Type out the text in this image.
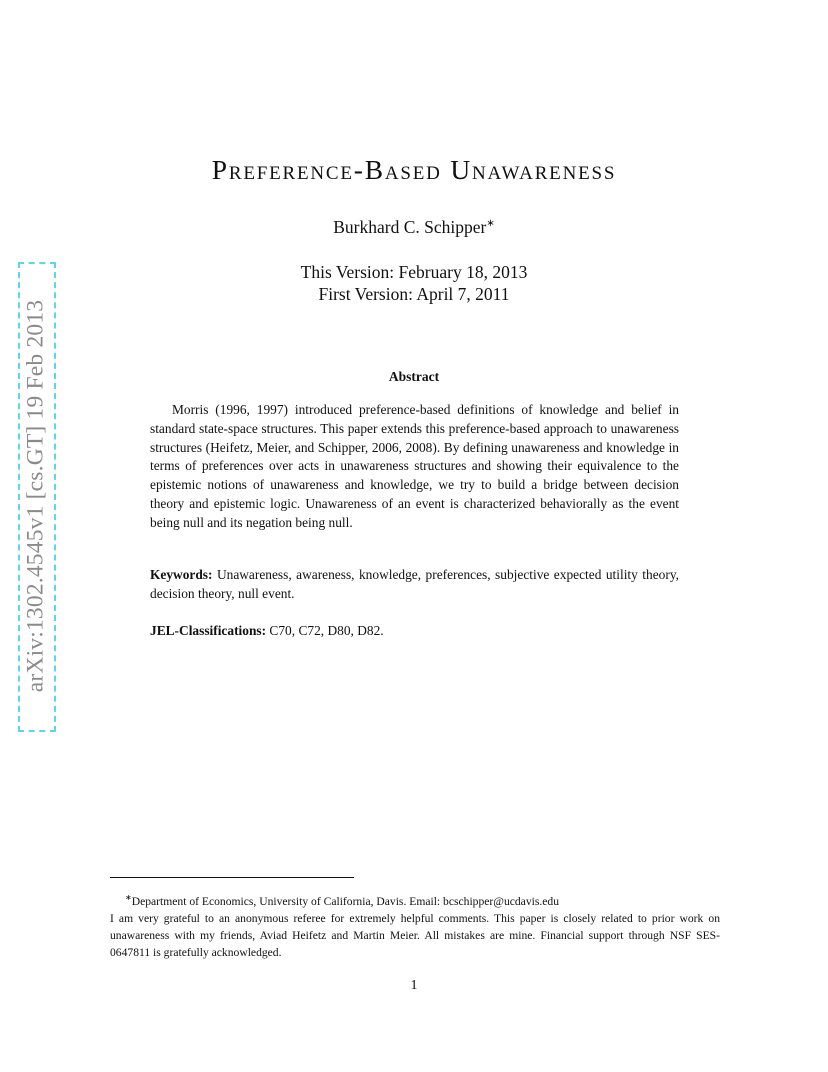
arXiv:1302.4545v1 [cs.GT] 19 Feb 2013
Preference-Based Unawareness
Burkhard C. Schipper∗
This Version: February 18, 2013
First Version: April 7, 2011
Abstract
Morris (1996, 1997) introduced preference-based definitions of knowledge and belief in standard state-space structures. This paper extends this preference-based approach to unawareness structures (Heifetz, Meier, and Schipper, 2006, 2008). By defining unawareness and knowledge in terms of preferences over acts in unawareness structures and showing their equivalence to the epistemic notions of unawareness and knowledge, we try to build a bridge between decision theory and epistemic logic. Unawareness of an event is characterized behaviorally as the event being null and its negation being null.
Keywords: Unawareness, awareness, knowledge, preferences, subjective expected utility theory, decision theory, null event.
JEL-Classifications: C70, C72, D80, D82.
∗Department of Economics, University of California, Davis. Email: bcschipper@ucdavis.edu
I am very grateful to an anonymous referee for extremely helpful comments. This paper is closely related to prior work on unawareness with my friends, Aviad Heifetz and Martin Meier. All mistakes are mine. Financial support through NSF SES-0647811 is gratefully acknowledged.
1
